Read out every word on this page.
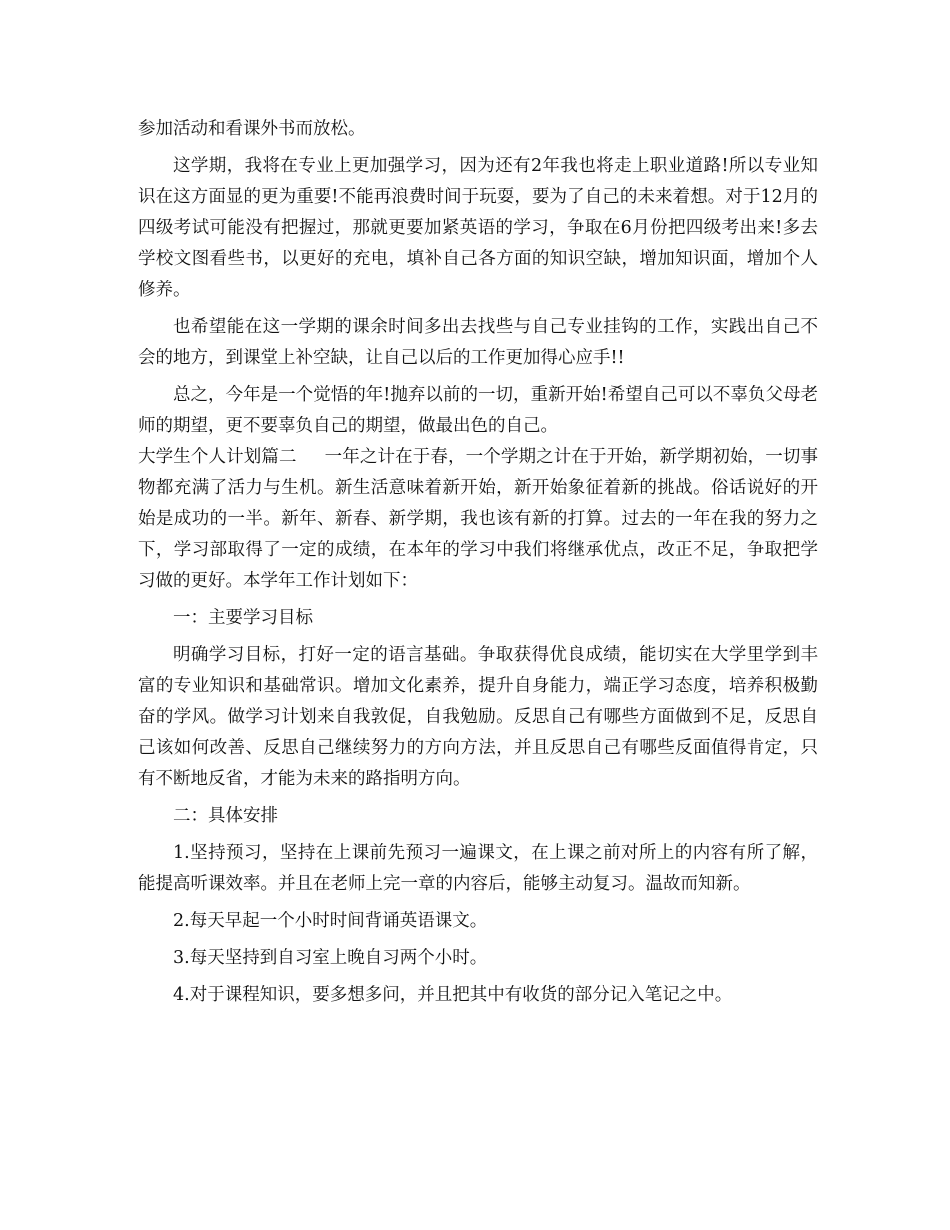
参加活动和看课外书而放松。

这学期，我将在专业上更加强学习，因为还有2年我也将走上职业道路!所以专业知识在这方面显的更为重要!不能再浪费时间于玩耍，要为了自己的未来着想。对于12月的四级考试可能没有把握过，那就更要加紧英语的学习，争取在6月份把四级考出来!多去学校文图看些书，以更好的充电，填补自己各方面的知识空缺，增加知识面，增加个人修养。

也希望能在这一学期的课余时间多出去找些与自己专业挂钩的工作，实践出自己不会的地方，到课堂上补空缺，让自己以后的工作更加得心应手!!

总之，今年是一个觉悟的年!抛弃以前的一切，重新开始!希望自己可以不辜负父母老师的期望，更不要辜负自己的期望，做最出色的自己。

大学生个人计划篇二 一年之计在于春，一个学期之计在于开始，新学期初始，一切事物都充满了活力与生机。新生活意味着新开始，新开始象征着新的挑战。俗话说好的开始是成功的一半。新年、新春、新学期，我也该有新的打算。过去的一年在我的努力之下，学习部取得了一定的成绩，在本年的学习中我们将继承优点，改正不足，争取把学习做的更好。本学年工作计划如下：

一：主要学习目标

明确学习目标，打好一定的语言基础。争取获得优良成绩，能切实在大学里学到丰富的专业知识和基础常识。增加文化素养，提升自身能力，端正学习态度，培养积极勤奋的学风。做学习计划来自我敦促，自我勉励。反思自己有哪些方面做到不足，反思自己该如何改善、反思自己继续努力的方向方法，并且反思自己有哪些反面值得肯定，只有不断地反省，才能为未来的路指明方向。

二：具体安排

1.坚持预习，坚持在上课前先预习一遍课文，在上课之前对所上的内容有所了解，能提高听课效率。并且在老师上完一章的内容后，能够主动复习。温故而知新。

2.每天早起一个小时时间背诵英语课文。

3.每天坚持到自习室上晚自习两个小时。

4.对于课程知识，要多想多问，并且把其中有收货的部分记入笔记之中。
